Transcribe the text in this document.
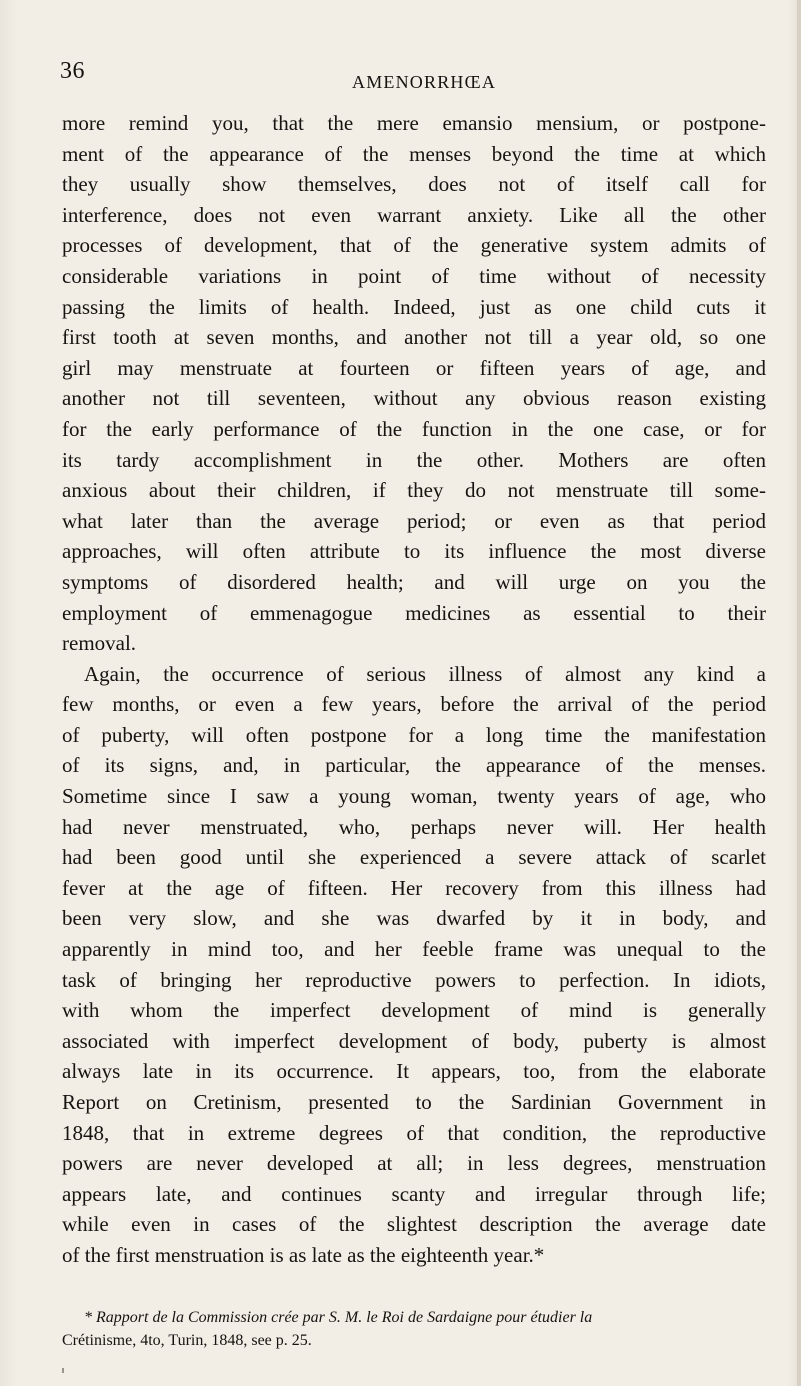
36	AMENORRHŒA
more remind you, that the mere emansio mensium, or postpone-
ment of the appearance of the menses beyond the time at which
they usually show themselves, does not of itself call for
interference, does not even warrant anxiety. Like all the other
processes of development, that of the generative system admits of
considerable variations in point of time without of necessity
passing the limits of health. Indeed, just as one child cuts it
first tooth at seven months, and another not till a year old, so one
girl may menstruate at fourteen or fifteen years of age, and
another not till seventeen, without any obvious reason existing
for the early performance of the function in the one case, or for
its tardy accomplishment in the other. Mothers are often
anxious about their children, if they do not menstruate till some-
what later than the average period; or even as that period
approaches, will often attribute to its influence the most diverse
symptoms of disordered health; and will urge on you the
employment of emmenagogue medicines as essential to their
removal.
Again, the occurrence of serious illness of almost any kind a
few months, or even a few years, before the arrival of the period
of puberty, will often postpone for a long time the manifestation
of its signs, and, in particular, the appearance of the menses.
Sometime since I saw a young woman, twenty years of age, who
had never menstruated, who, perhaps never will. Her health
had been good until she experienced a severe attack of scarlet
fever at the age of fifteen. Her recovery from this illness had
been very slow, and she was dwarfed by it in body, and
apparently in mind too, and her feeble frame was unequal to the
task of bringing her reproductive powers to perfection. In idiots,
with whom the imperfect development of mind is generally
associated with imperfect development of body, puberty is almost
always late in its occurrence. It appears, too, from the elaborate
Report on Cretinism, presented to the Sardinian Government in
1848, that in extreme degrees of that condition, the reproductive
powers are never developed at all; in less degrees, menstruation
appears late, and continues scanty and irregular through life;
while even in cases of the slightest description the average date
of the first menstruation is as late as the eighteenth year.*
* Rapport de la Commission crée par S. M. le Roi de Sardaigne pour étudier la
Crétinisme, 4to, Turin, 1848, see p. 25.
